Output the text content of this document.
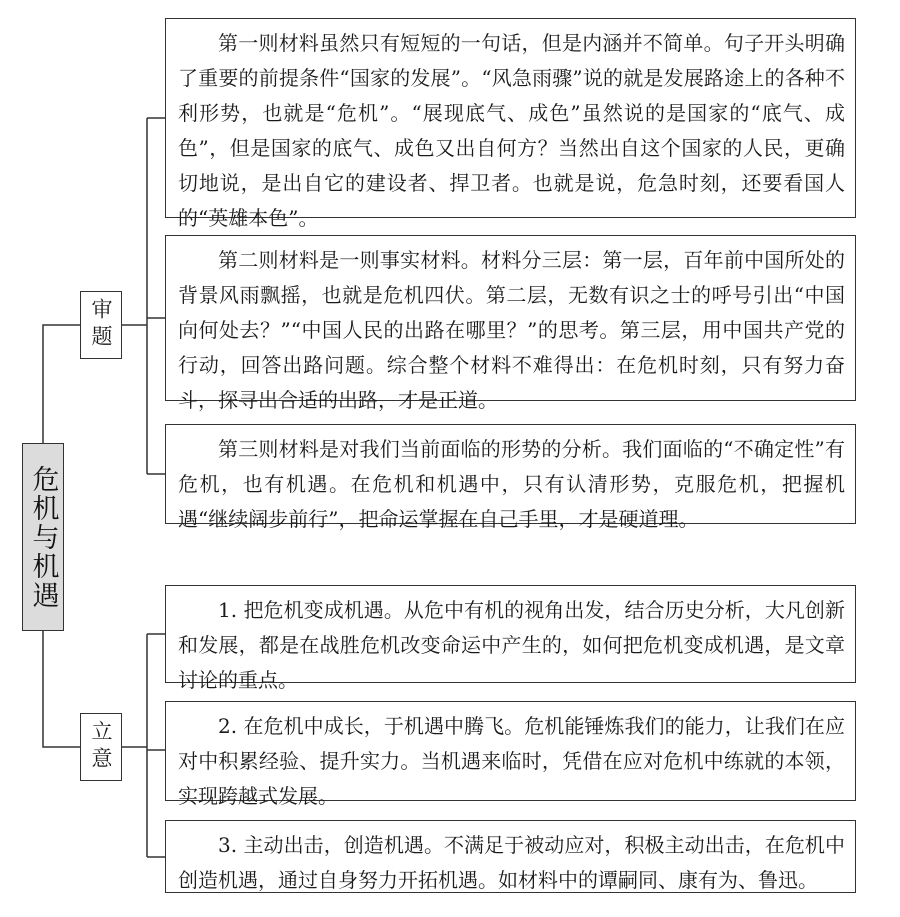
危机与机遇
审题
立意
第一则材料虽然只有短短的一句话，但是内涵并不简单。句子开头明确了重要的前提条件“国家的发展”。“风急雨骤”说的就是发展路途上的各种不利形势，也就是“危机”。“展现底气、成色”虽然说的是国家的“底气、成色”，但是国家的底气、成色又出自何方？当然出自这个国家的人民，更确切地说，是出自它的建设者、捍卫者。也就是说，危急时刻，还要看国人的“英雄本色”。
第二则材料是一则事实材料。材料分三层：第一层，百年前中国所处的背景风雨飘摇，也就是危机四伏。第二层，无数有识之士的呼号引出“中国向何处去？”“中国人民的出路在哪里？”的思考。第三层，用中国共产党的行动，回答出路问题。综合整个材料不难得出：在危机时刻，只有努力奋斗，探寻出合适的出路，才是正道。
第三则材料是对我们当前面临的形势的分析。我们面临的“不确定性”有危机，也有机遇。在危机和机遇中，只有认清形势，克服危机，把握机遇“继续阔步前行”，把命运掌握在自己手里，才是硬道理。
1. 把危机变成机遇。从危中有机的视角出发，结合历史分析，大凡创新和发展，都是在战胜危机改变命运中产生的，如何把危机变成机遇，是文章讨论的重点。
2. 在危机中成长，于机遇中腾飞。危机能锤炼我们的能力，让我们在应对中积累经验、提升实力。当机遇来临时，凭借在应对危机中练就的本领，实现跨越式发展。
3. 主动出击，创造机遇。不满足于被动应对，积极主动出击，在危机中创造机遇，通过自身努力开拓机遇。如材料中的谭嗣同、康有为、鲁迅。
